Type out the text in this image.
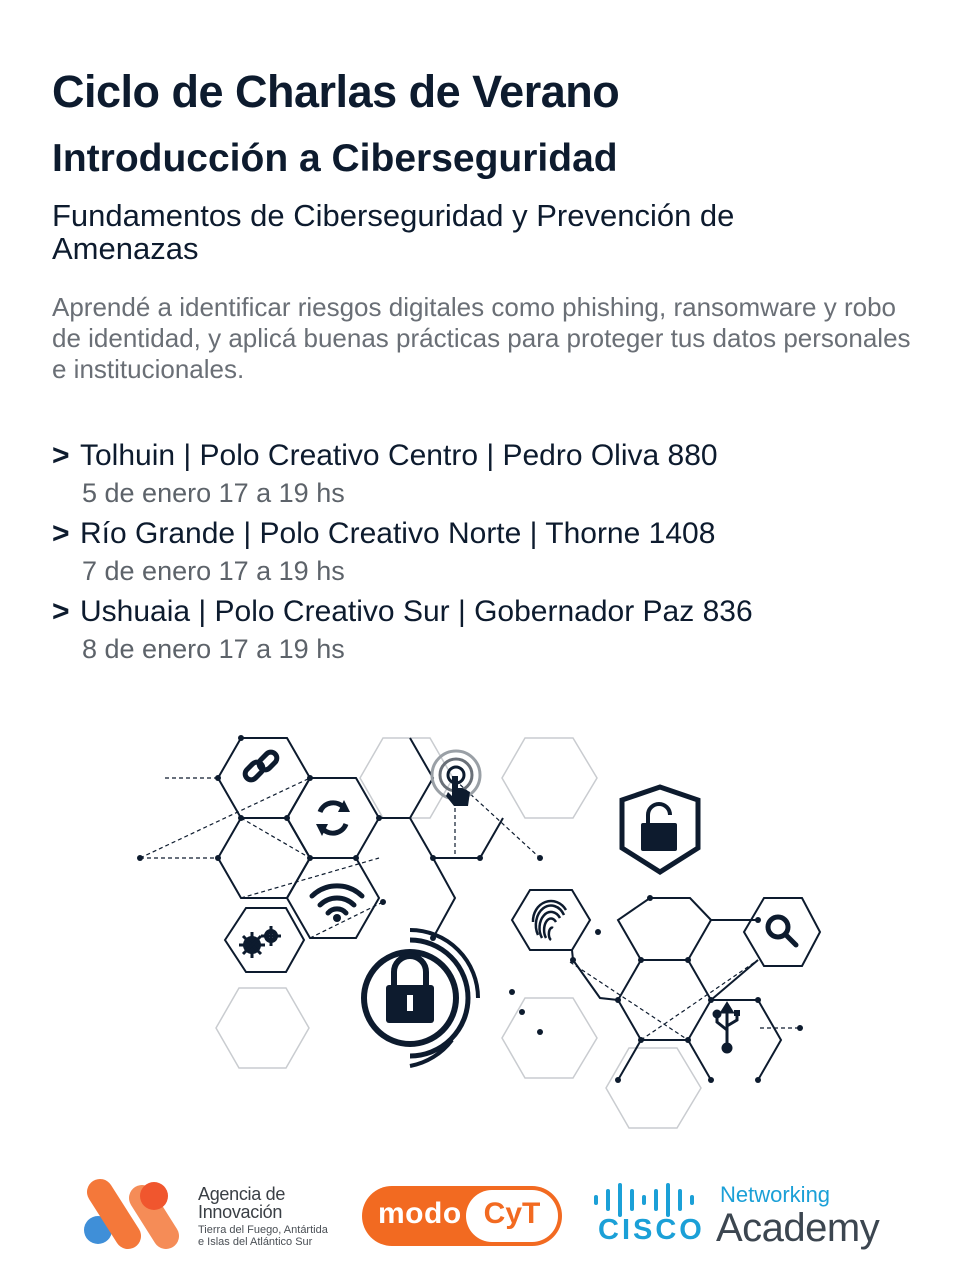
Ciclo de Charlas de Verano
Introducción a Ciberseguridad

Fundamentos de Ciberseguridad y Prevención de Amenazas

Aprendé a identificar riesgos digitales como phishing, ransomware y robo de identidad, y aplicá buenas prácticas para proteger tus datos personales e institucionales.

> Tolhuin | Polo Creativo Centro | Pedro Oliva 880
5 de enero 17 a 19 hs
> Río Grande | Polo Creativo Norte | Thorne 1408
7 de enero 17 a 19 hs
> Ushuaia | Polo Creativo Sur | Gobernador Paz 836
8 de enero 17 a 19 hs
Agencia de
Innovación
Tierra del Fuego, Antártida
e Islas del Atlántico Sur
modo CyT	CISCO
Networking
Academy
